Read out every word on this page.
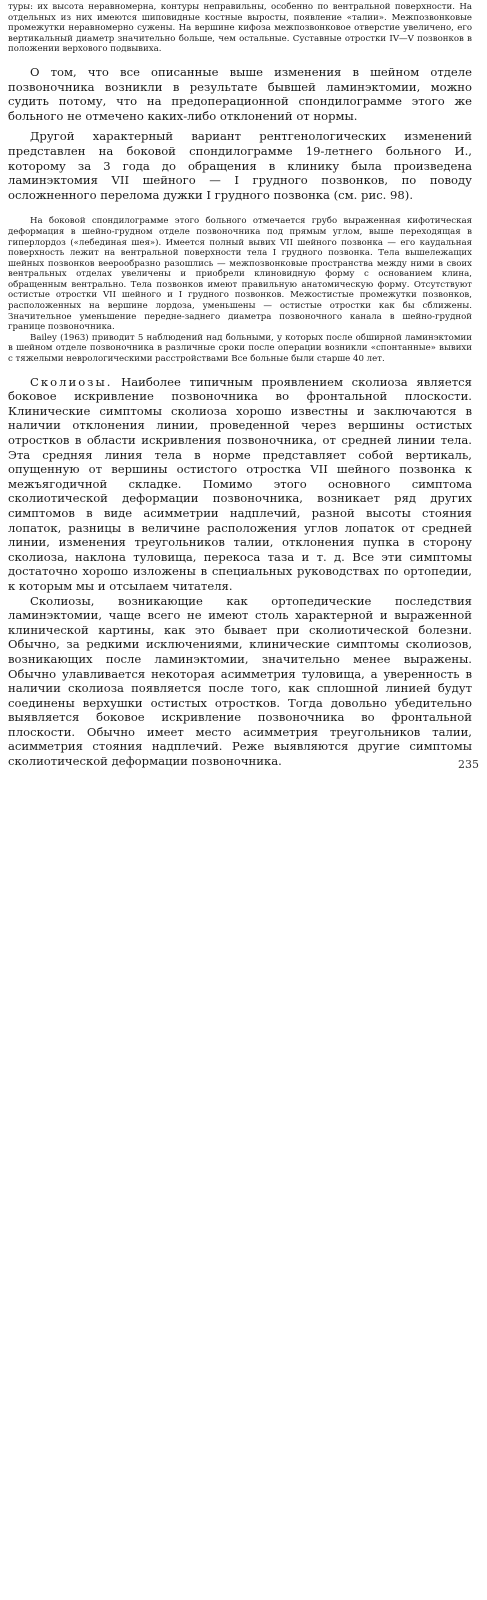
туры: их высота неравномерна, контуры неправильны, особенно по вентральной поверхности. На отдельных из них имеются шиповидные костные выросты, появление «талии». Межпозвонковые промежутки неравномерно сужены. На вершине кифоза межпозвонковое отверстие увеличено, его вертикальный диаметр значительно больше, чем остальные. Суставные отростки IV—V позвонков в положении верхового подвывиха.

О том, что все описанные выше изменения в шейном отделе позвоночника возникли в результате бывшей ламинэктомии, можно судить потому, что на предоперационной спондилограмме этого же больного не отмечено каких-либо отклонений от нормы.

Другой характерный вариант рентгенологических изменений представлен на боковой спондилограмме 19-летнего больного И., которому за 3 года до обращения в клинику была произведена ламинэктомия VII шейного — I грудного позвонков, по поводу осложненного перелома дужки I грудного позвонка (см. рис. 98).

На боковой спондилограмме этого больного отмечается грубо выраженная кифотическая деформация в шейно-грудном отделе позвоночника под прямым углом, выше переходящая в гиперлордоз («лебединая шея»). Имеется полный вывих VII шейного позвонка — его каудальная поверхность лежит на вентральной поверхности тела I грудного позвонка. Тела вышележащих шейных позвонков веерообразно разошлись — межпозвонковые пространства между ними в своих вентральных отделах увеличены и приобрели клиновидную форму с основанием клина, обращенным вентрально. Тела позвонков имеют правильную анатомическую форму. Отсутствуют остистые отростки VII шейного и I грудного позвонков. Межостистые промежутки позвонков, расположенных на вершине лордоза, уменьшены — остистые отростки как бы сближены. Значительное уменьшение передне-заднего диаметра позвоночного канала в шейно-грудной границе позвоночника.

Bailey (1963) приводит 5 наблюдений над больными, у которых после обширной ламинэктомии в шейном отделе позвоночника в различные сроки после операции возникли «спонтанные» вывихи с тяжелыми неврологическими расстройствами Все больные были старше 40 лет.

Сколиозы. Наиболее типичным проявлением сколиоза является боковое искривление позвоночника во фронтальной плоскости. Клинические симптомы сколиоза хорошо известны и заключаются в наличии отклонения линии, проведенной через вершины остистых отростков в области искривления позвоночника, от средней линии тела. Эта средняя линия тела в норме представляет собой вертикаль, опущенную от вершины остистого отростка VII шейного позвонка к межъягодичной складке. Помимо этого основного симптома сколиотической деформации позвоночника, возникает ряд других симптомов в виде асимметрии надплечий, разной высоты стояния лопаток, разницы в величине расположения углов лопаток от средней линии, изменения треугольников талии, отклонения пупка в сторону сколиоза, наклона туловища, перекоса таза и т. д. Все эти симптомы достаточно хорошо изложены в специальных руководствах по ортопедии, к которым мы и отсылаем читателя.

Сколиозы, возникающие как ортопедические последствия ламинэктомии, чаще всего не имеют столь характерной и выраженной клинической картины, как это бывает при сколиотической болезни. Обычно, за редкими исключениями, клинические симптомы сколиозов, возникающих после ламинэктомии, значительно менее выражены. Обычно улавливается некоторая асимметрия туловища, а уверенность в наличии сколиоза появляется после того, как сплошной линией будут соединены верхушки остистых отростков. Тогда довольно убедительно выявляется боковое искривление позвоночника во фронтальной плоскости. Обычно имеет место асимметрия треугольников талии, асимметрия стояния надплечий. Реже выявляются другие симптомы сколиотической деформации позвоночника.	235
